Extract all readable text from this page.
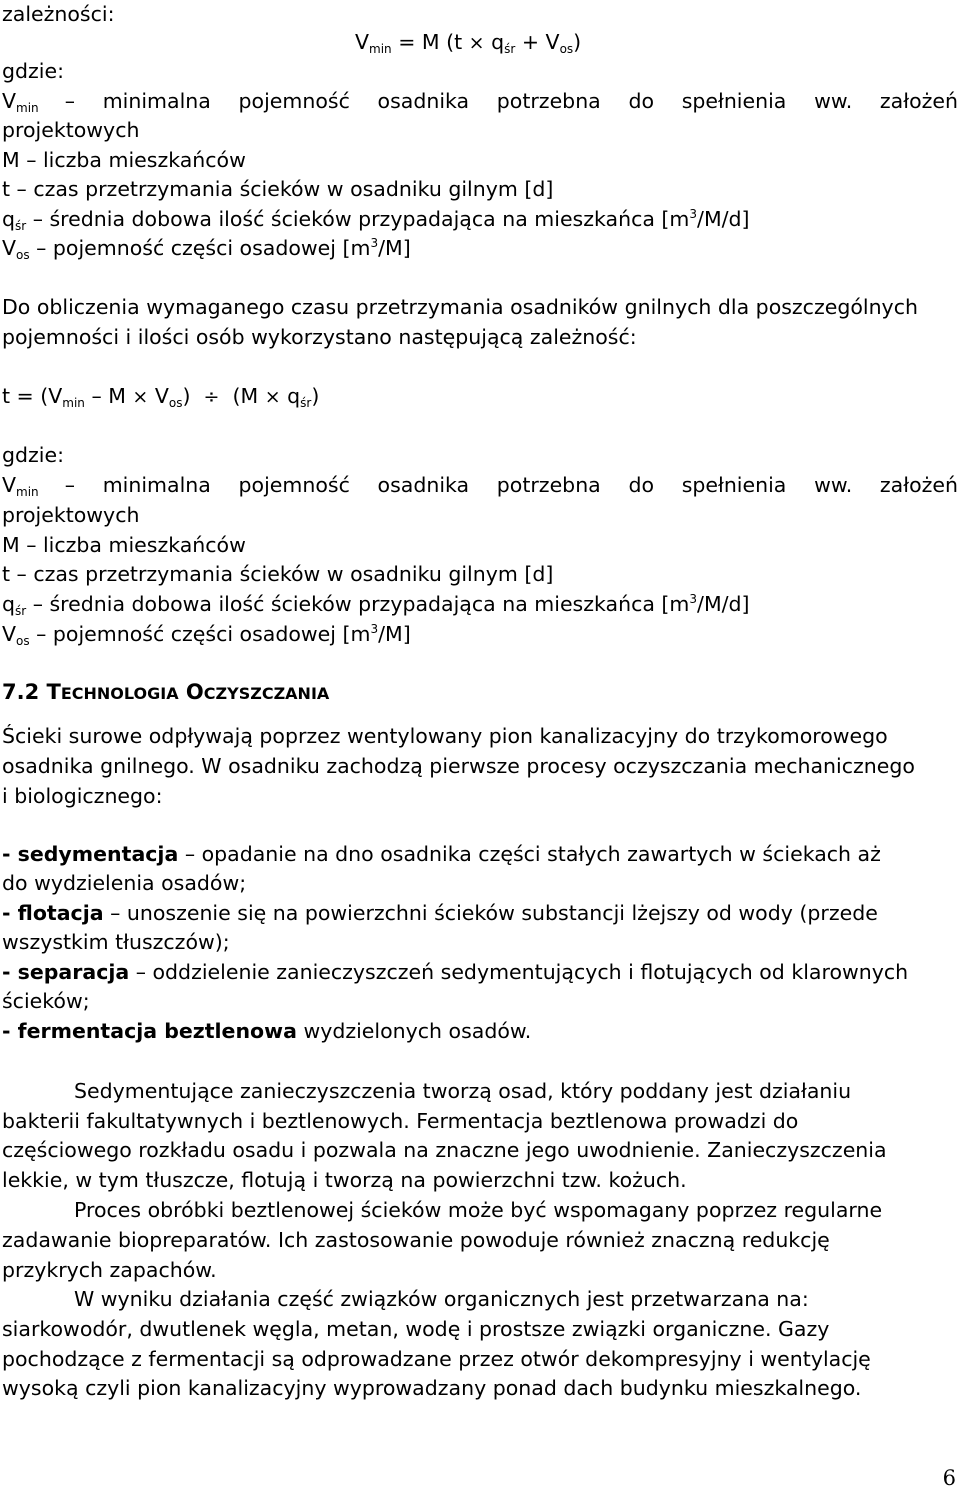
zależności:
$V_{min} = M$ $(t \times q_{śr} + V_{os})$
gdzie:
$V_{min}$ – minimalna pojemność osadnika potrzebna do spełnienia ww. założeń
projektowych
M – liczba mieszkańców
t – czas przetrzymania ścieków w osadniku gilnym [d]
$q_{śr}$ – średnia dobowa ilość ścieków przypadająca na mieszkańca $[m^3/M/d]$
$V_{os}$ – pojemność części osadowej $[m^3/M]$
Do obliczenia wymaganego czasu przetrzymania osadników gnilnych dla poszczególnych
pojemności i ilości osób wykorzystano następującą zależność:
$t = (V_{min} - M \times V_{os}) \div (M \times q_{śr})$
gdzie:
$V_{min}$ – minimalna pojemność osadnika potrzebna do spełnienia ww. założeń
projektowych
M – liczba mieszkańców
t – czas przetrzymania ścieków w osadniku gilnym [d]
$q_{śr}$ – średnia dobowa ilość ścieków przypadająca na mieszkańca $[m^3/M/d]$
$V_{os}$ – pojemność części osadowej $[m^3/M]$
7.2 TECHNOLOGIA OCZYSZCZANIA
Ścieki surowe odpływają poprzez wentylowany pion kanalizacyjny do trzykomorowego
osadnika gnilnego. W osadniku zachodzą pierwsze procesy oczyszczania mechanicznego
i biologicznego:
- sedymentacja – opadanie na dno osadnika części stałych zawartych w ściekach aż
do wydzielenia osadów;
- flotacja – unoszenie się na powierzchni ścieków substancji lżejszy od wody (przede
wszystkim tłuszczów);
- separacja – oddzielenie zanieczyszczeń sedymentujących i flotujących od klarownych
ścieków;
- fermentacja beztlenowa wydzielonych osadów.
Sedymentujące zanieczyszczenia tworzą osad, który poddany jest działaniu
bakterii fakultatywnych i beztlenowych. Fermentacja beztlenowa prowadzi do
częściowego rozkładu osadu i pozwala na znaczne jego uwodnienie. Zanieczyszczenia
lekkie, w tym tłuszcze, flotują i tworzą na powierzchni tzw. kożuch.
Proces obróbki beztlenowej ścieków może być wspomagany poprzez regularne
zadawanie biopreparatów. Ich zastosowanie powoduje również znaczną redukcję
przykrych zapachów.
W wyniku działania część związków organicznych jest przetwarzana na:
siarkowodór, dwutlenek węgla, metan, wodę i prostsze związki organiczne. Gazy
pochodzące z fermentacji są odprowadzane przez otwór dekompresyjny i wentylację
wysoką czyli pion kanalizacyjny wyprowadzany ponad dach budynku mieszkalnego.
6
